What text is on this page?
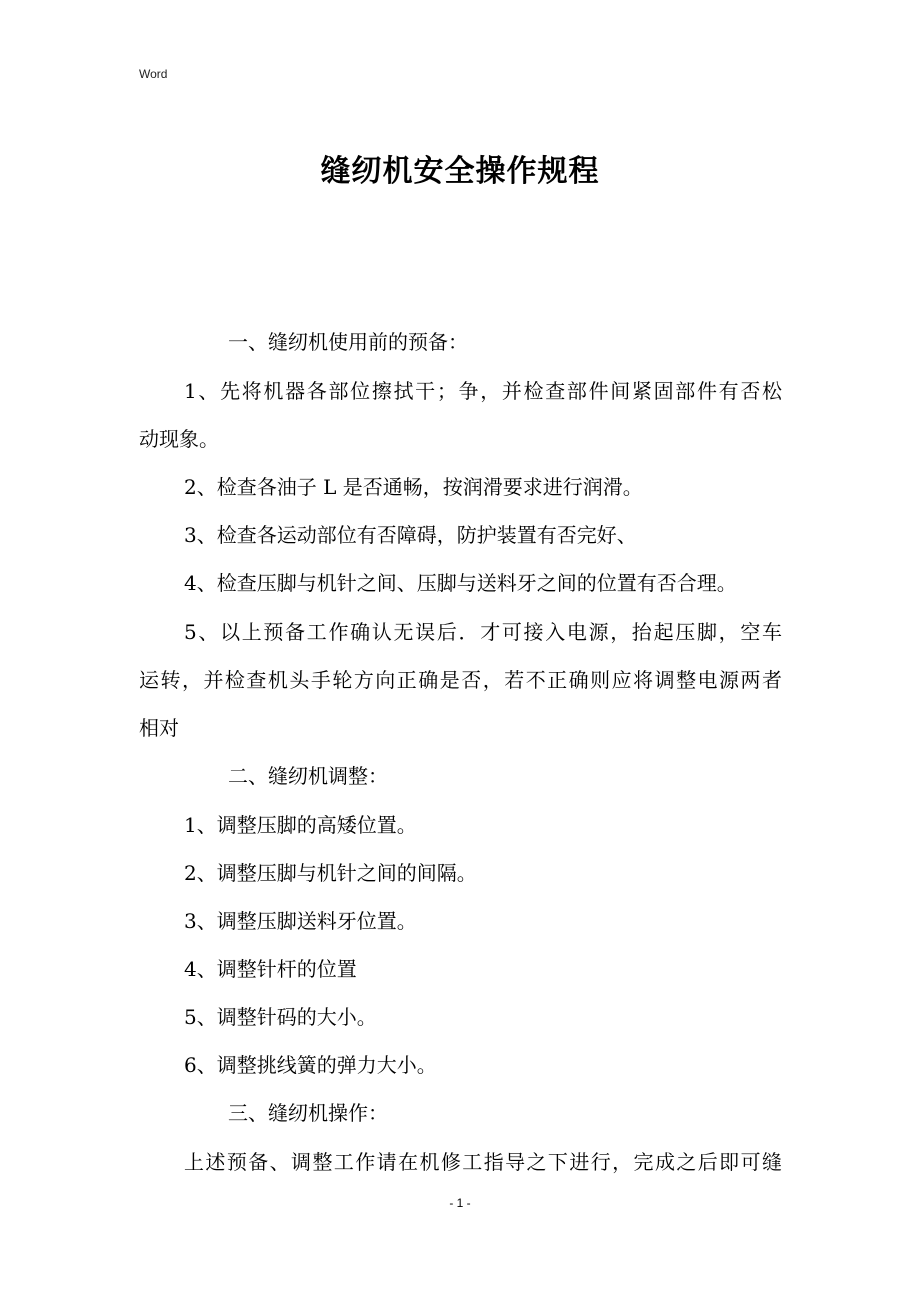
Word
缝纫机安全操作规程
一、缝纫机使用前的预备：
1、先将机器各部位擦拭干；争，并检查部件间紧固部件有否松
动现象。
2、检查各油子 L 是否通畅，按润滑要求进行润滑。
3、检查各运动部位有否障碍，防护装置有否完好、
4、检查压脚与机针之间、压脚与送料牙之间的位置有否合理。
5、以上预备工作确认无误后．才可接入电源，抬起压脚，空车
运转，并检查机头手轮方向正确是否，若不正确则应将调整电源两者
相对
二、缝纫机调整：
1、调整压脚的高矮位置。
2、调整压脚与机针之间的间隔。
3、调整压脚送料牙位置。
4、调整针杆的位置
5、调整针码的大小。
6、调整挑线簧的弹力大小。
三、缝纫机操作：
上述预备、调整工作请在机修工指导之下进行，完成之后即可缝
- 1 -
